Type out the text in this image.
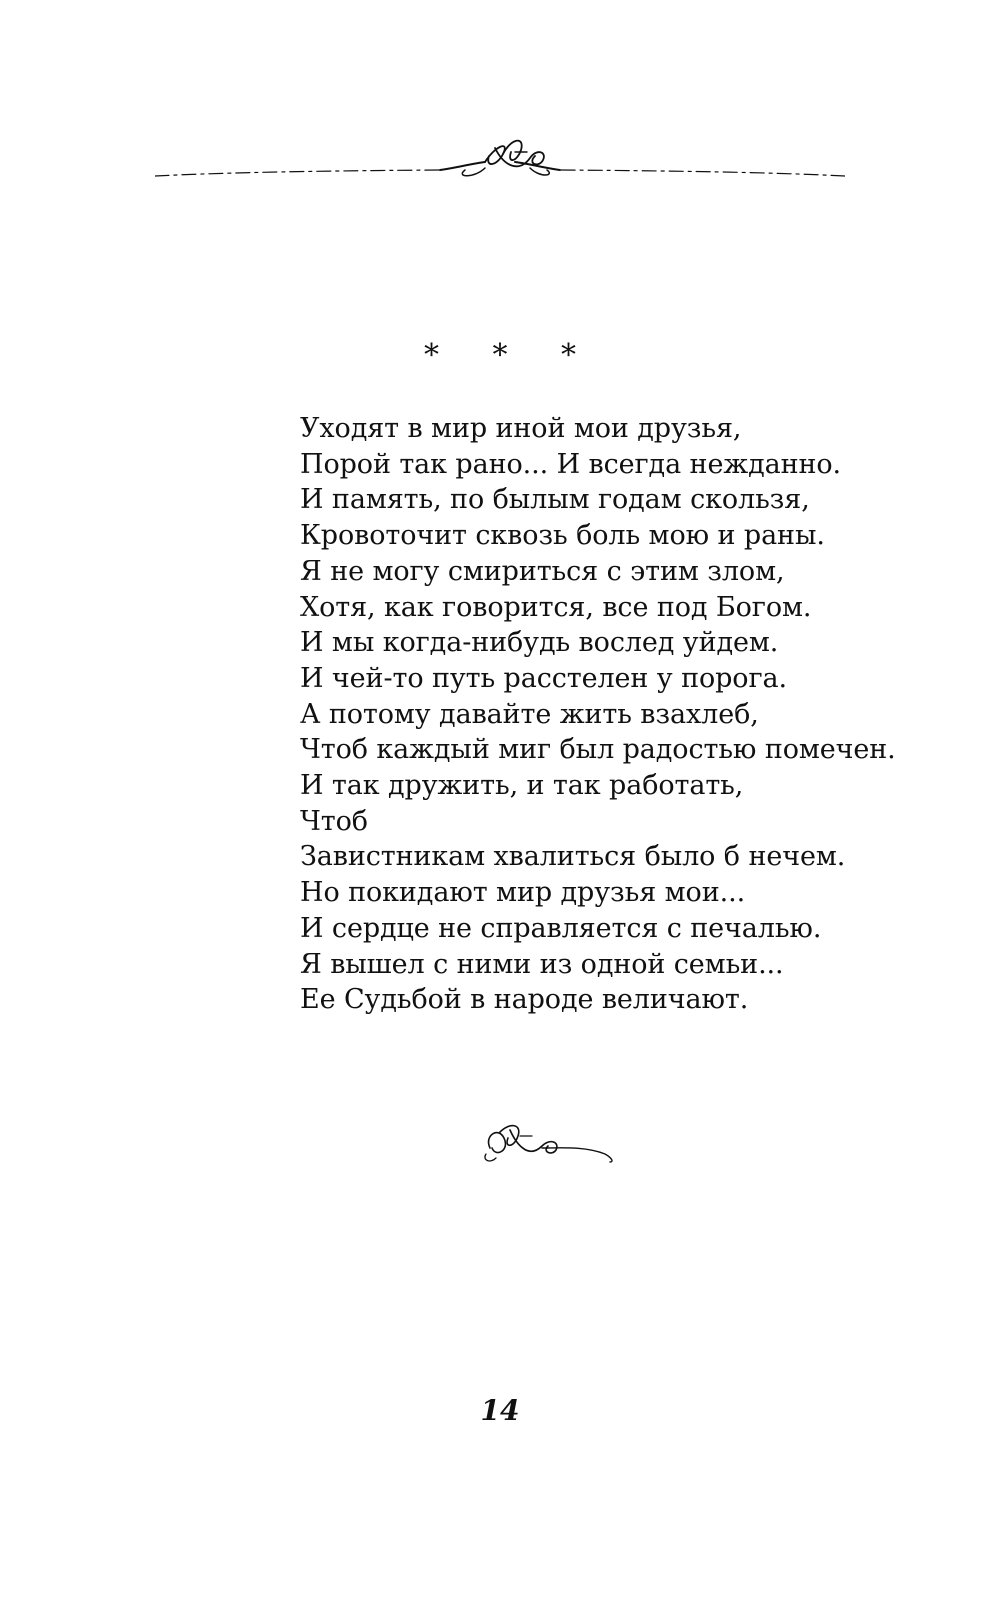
* * *
Уходят в мир иной мои друзья,
Порой так рано... И всегда нежданно.
И память, по былым годам скользя,
Кровоточит сквозь боль мою и раны.
Я не могу смириться с этим злом,
Хотя, как говорится, все под Богом.
И мы когда-нибудь вослед уйдем.
И чей-то путь расстелен у порога.
А потому давайте жить взахлеб,
Чтоб каждый миг был радостью помечен.
И так дружить, и так работать,
Чтоб
Завистникам хвалиться было б нечем.
Но покидают мир друзья мои...
И сердце не справляется с печалью.
Я вышел с ними из одной семьи...
Ее Судьбой в народе величают.
14
